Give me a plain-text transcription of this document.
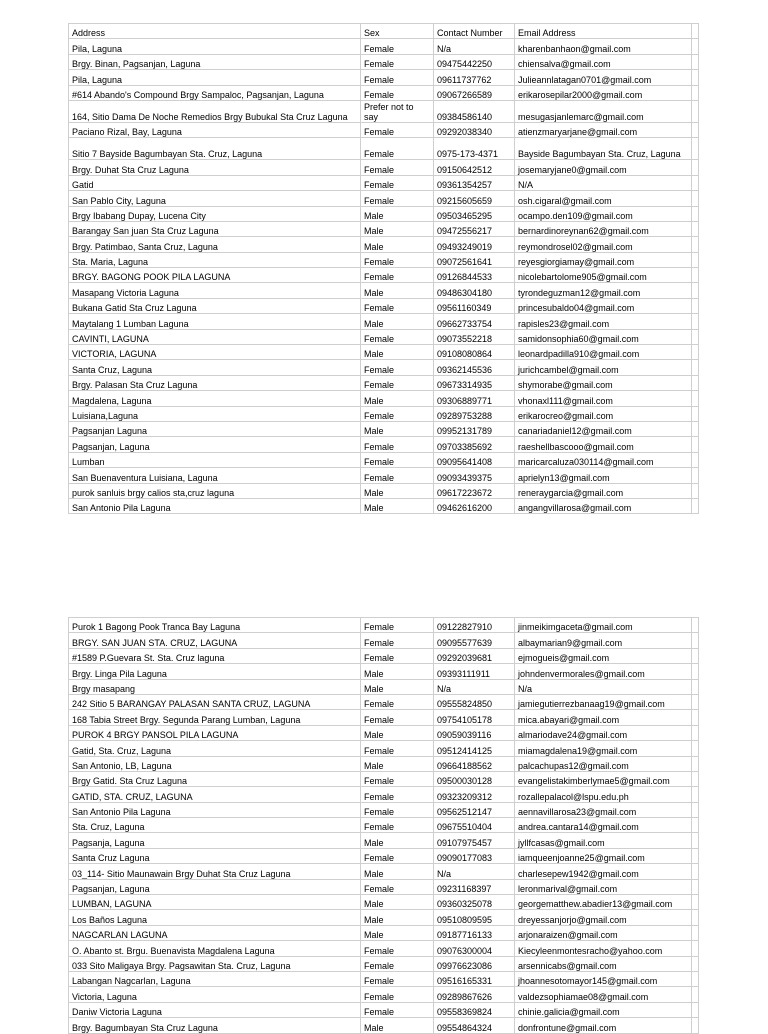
Address	Sex	Contact Number	Email Address	
Pila, Laguna	Female	N/a	kharenbanhaon@gmail.com	
Brgy. Binan, Pagsanjan, Laguna	Female	09475442250	chiensalva@gmail.com	
Pila, Laguna	Female	09611737762	Julieannlatagan0701@gmail.com	
#614 Abando's Compound Brgy Sampaloc, Pagsanjan, Laguna	Female	09067266589	erikarosepilar2000@gmail.com	
164, Sitio Dama De Noche Remedios Brgy Bubukal Sta Cruz Laguna	Prefer not to say	09384586140	mesugasjanlemarc@gmail.com	
Paciano Rizal, Bay, Laguna	Female	09292038340	atienzmaryarjane@gmail.com	
Sitio 7 Bayside Bagumbayan Sta. Cruz, Laguna	Female	0975-173-4371	Bayside Bagumbayan Sta. Cruz, Laguna	
Brgy. Duhat Sta Cruz Laguna	Female	09150642512	josemaryjane0@gmail.com	
Gatid	Female	09361354257	N/A	
San Pablo City, Laguna	Female	09215605659	osh.cigaral@gmail.com	
Brgy Ibabang Dupay, Lucena City	Male	09503465295	ocampo.den109@gmail.com	
Barangay San juan Sta Cruz Laguna	Male	09472556217	bernardinoreynan62@gmail.com	
Brgy. Patimbao, Santa Cruz, Laguna	Male	09493249019	reymondrosel02@gmail.com	
Sta. Maria, Laguna	Female	09072561641	reyesgiorgiamay@gmail.com	
BRGY. BAGONG POOK PILA LAGUNA	Female	09126844533	nicolebartolome905@gmail.com	
Masapang Victoria Laguna	Male	09486304180	tyrondeguzman12@gmail.com	
Bukana Gatid Sta Cruz Laguna	Female	09561160349	princesubaldo04@gmail.com	
Maytalang 1 Lumban Laguna	Male	09662733754	rapisles23@gmail.com	
CAVINTI, LAGUNA	Female	09073552218	samidonsophia60@gmail.com	
VICTORIA, LAGUNA	Male	09108080864	leonardpadilla910@gmail.com	
Santa Cruz, Laguna	Female	09362145536	jurichcambel@gmail.com	
Brgy. Palasan Sta Cruz Laguna	Female	09673314935	shymorabe@gmail.com	
Magdalena, Laguna	Male	09306889771	vhonaxl111@gmail.com	
Luisiana,Laguna	Female	09289753288	erikarocreo@gmail.com	
Pagsanjan Laguna	Male	09952131789	canariadaniel12@gmail.com	
Pagsanjan, Laguna	Female	09703385692	raeshellbascooo@gmail.com	
Lumban	Female	09095641408	maricarcaluza030114@gmail.com	
San Buenaventura Luisiana, Laguna	Female	09093439375	aprielyn13@gmail.com	
purok sanluis brgy calios sta,cruz laguna	Male	09617223672	reneraygarcia@gmail.com	
San Antonio Pila Laguna	Male	09462616200	angangvillarosa@gmail.com	
Purok 1 Bagong Pook Tranca Bay Laguna	Female	09122827910	jinmeikimgaceta@gmail.com	
BRGY. SAN JUAN STA. CRUZ, LAGUNA	Female	09095577639	albaymarian9@gmail.com	
#1589 P.Guevara St. Sta. Cruz laguna	Female	09292039681	ejmogueis@gmail.com	
Brgy. Linga Pila Laguna	Male	09393111911	johndenvermorales@gmail.com	
Brgy masapang	Male	N/a	N/a	
242 Sitio 5 BARANGAY PALASAN SANTA CRUZ, LAGUNA	Female	09555824850	jamiegutierrezbanaag19@gmail.com	
168 Tabia Street Brgy. Segunda Parang Lumban, Laguna	Female	09754105178	mica.abayari@gmail.com	
PUROK 4 BRGY PANSOL PILA LAGUNA	Male	09059039116	almariodave24@gmail.com	
Gatid, Sta. Cruz, Laguna	Female	09512414125	miamagdalena19@gmail.com	
San Antonio, LB, Laguna	Male	09664188562	palcachupas12@gmail.com	
Brgy Gatid. Sta Cruz Laguna	Female	09500030128	evangelistakimberlymae5@gmail.com	
GATID, STA. CRUZ, LAGUNA	Female	09323209312	rozallepalacol@lspu.edu.ph	
San Antonio Pila Laguna	Female	09562512147	aennavillarosa23@gmail.com	
Sta. Cruz, Laguna	Female	09675510404	andrea.cantara14@gmail.com	
Pagsanja, Laguna	Male	09107975457	jyllfcasas@gmail.com	
Santa Cruz Laguna	Female	09090177083	iamqueenjoanne25@gmail.com	
03_114- Sitio Maunawain Brgy Duhat Sta Cruz Laguna	Male	N/a	charlesepew1942@gmail.com	
Pagsanjan, Laguna	Female	09231168397	leronmarival@gmail.com	
LUMBAN, LAGUNA	Male	09360325078	georgematthew.abadier13@gmail.com	
Los Baños Laguna	Male	09510809595	dreyessanjorjo@gmail.com	
NAGCARLAN LAGUNA	Male	09187716133	arjonaraizen@gmail.com	
O. Abanto st. Brgu. Buenavista Magdalena Laguna	Female	09076300004	Kiecyleenmontesracho@yahoo.com	
033 Sito Maligaya Brgy. Pagsawitan Sta. Cruz, Laguna	Female	09976623086	arsennicabs@gmail.com	
Labangan Nagcarlan, Laguna	Female	09516165331	jhoannesotomayor145@gmail.com	
Victoria, Laguna	Female	09289867626	valdezsophiamae08@gmail.com	
Daniw Victoria Laguna	Female	09558369824	chinie.galicia@gmail.com	
Brgy. Bagumbayan Sta Cruz Laguna	Male	09554864324	donfrontune@gmail.com	
